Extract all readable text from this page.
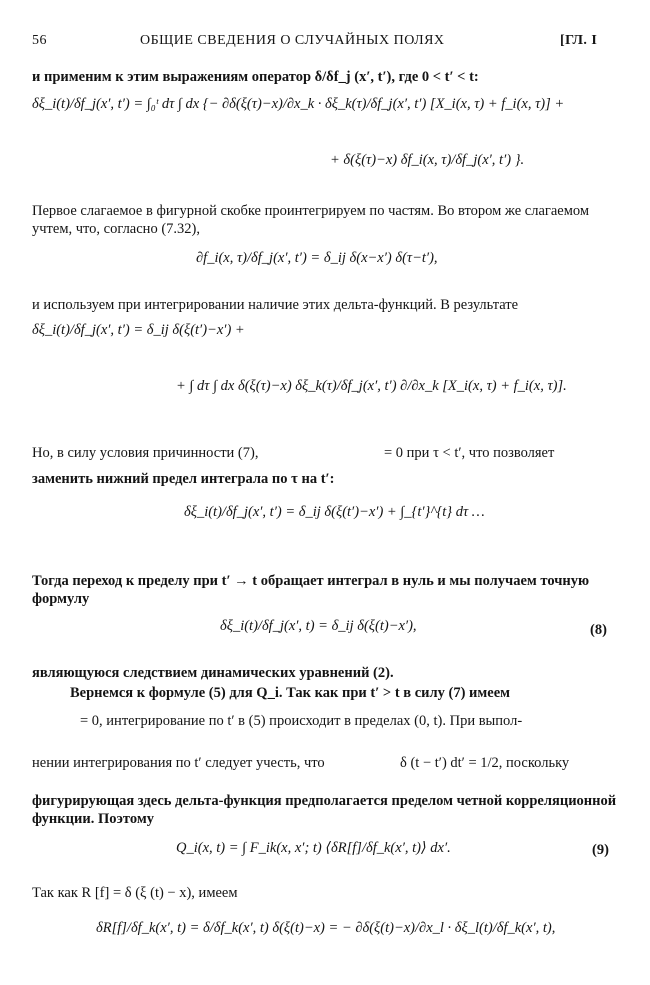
56	ОБЩИЕ СВЕДЕНИЯ О СЛУЧАЙНЫХ ПОЛЯХ	[ГЛ. I
и применим к этим выражениям оператор δ/δf_j (x′, t′), где 0 < t′ < t:
δξ_i(t)/δf_j(x′, t′) = ∫₀ᵗ dτ ∫ dx {− ∂δ(ξ(τ)−x)/∂x_k · δξ_k(τ)/δf_j(x′, t′) [X_i(x, τ) + f_i(x, τ)] +
+ δ(ξ(τ)−x) δf_i(x, τ)/δf_j(x′, t′) }.
Первое слагаемое в фигурной скобке проинтегрируем по частям. Во втором же слагаемом учтем, что, согласно (7.32),
∂f_i(x, τ)/δf_j(x′, t′) = δ_ij δ(x−x′) δ(τ−t′),
и используем при интегрировании наличие этих дельта-функций. В результате
δξ_i(t)/δf_j(x′, t′) = δ_ij δ(ξ(t′)−x′) +
+ ∫ dτ ∫ dx δ(ξ(τ)−x) δξ_k(τ)/δf_j(x′, t′) ∂/∂x_k [X_i(x, τ) + f_i(x, τ)].
Но, в силу условия причинности (7),	= 0 при τ < t′, что позволяет
заменить нижний предел интеграла по τ на t′:
δξ_i(t)/δf_j(x′, t′) = δ_ij δ(ξ(t′)−x′) + ∫_{t′}^{t} dτ …
Тогда переход к пределу при t′ → t обращает интеграл в нуль и мы получаем точную формулу
δξ_i(t)/δf_j(x′, t) = δ_ij δ(ξ(t)−x′),	(8)
являющуюся следствием динамических уравнений (2).
Вернемся к формуле (5) для Q_i. Так как при t′ > t в силу (7) имеем
= 0, интегрирование по t′ в (5) происходит в пределах (0, t). При выпол-
нении интегрирования по t′ следует учесть, что	δ (t − t′) dt′ = 1/2, поскольку
фигурирующая здесь дельта-функция предполагается пределом четной корреляционной функции. Поэтому
Q_i(x, t) = ∫ F_ik(x, x′; t) ⟨δR[f]/δf_k(x′, t)⟩ dx′.	(9)
Так как R [f] = δ (ξ (t) − x), имеем
δR[f]/δf_k(x′, t) = δ/δf_k(x′, t) δ(ξ(t)−x) = − ∂δ(ξ(t)−x)/∂x_l · δξ_l(t)/δf_k(x′, t),
